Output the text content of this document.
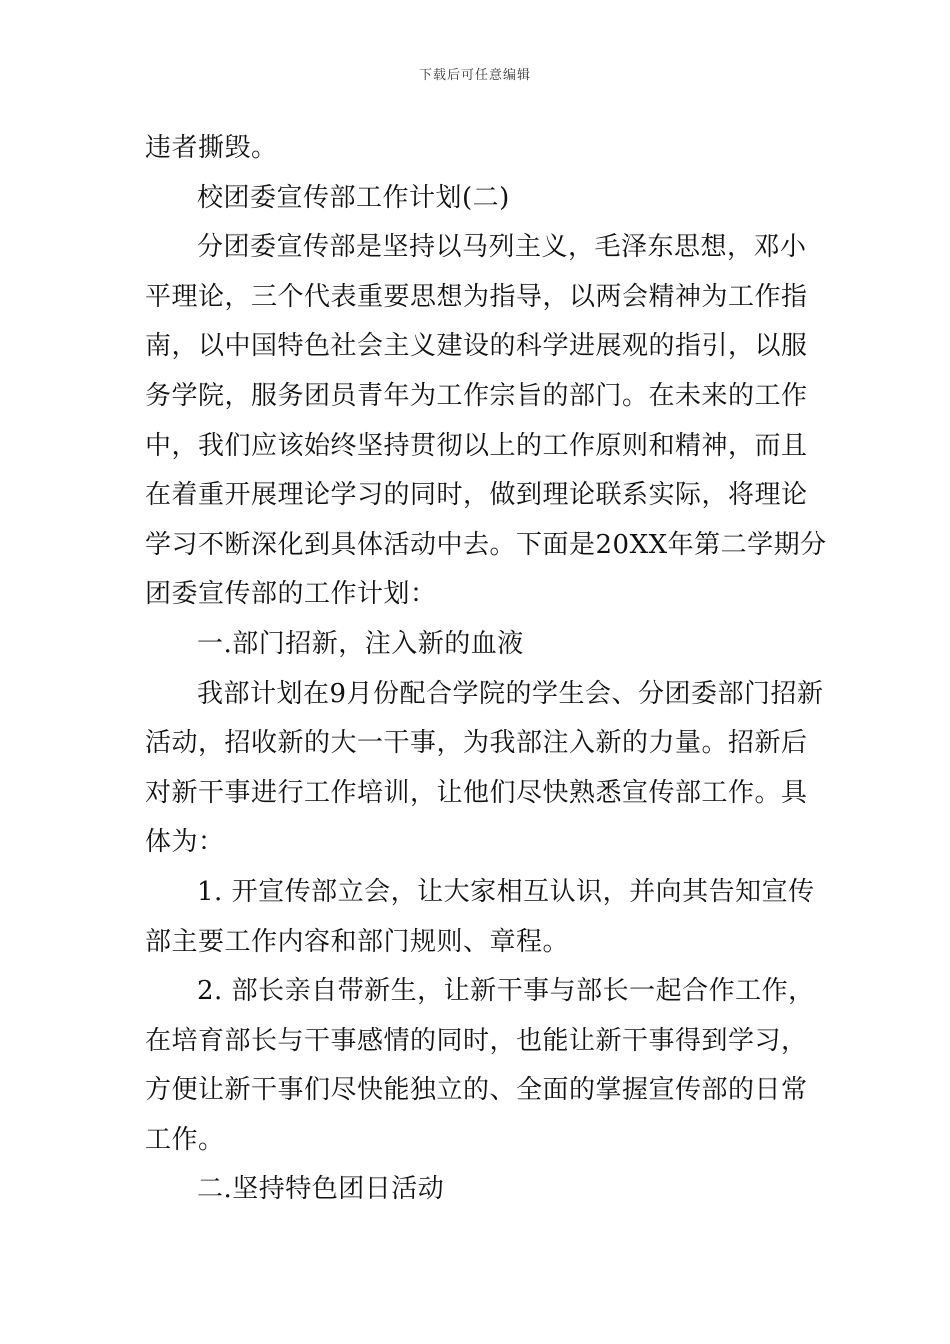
下载后可任意编辑
违者撕毁。
校团委宣传部工作计划(二)
分团委宣传部是坚持以马列主义，毛泽东思想，邓小
平理论，三个代表重要思想为指导，以两会精神为工作指
南，以中国特色社会主义建设的科学进展观的指引，以服
务学院，服务团员青年为工作宗旨的部门。在未来的工作
中，我们应该始终坚持贯彻以上的工作原则和精神，而且
在着重开展理论学习的同时，做到理论联系实际，将理论
学习不断深化到具体活动中去。下面是20XX年第二学期分
团委宣传部的工作计划：
一.部门招新，注入新的血液
我部计划在9月份配合学院的学生会、分团委部门招新
活动，招收新的大一干事，为我部注入新的力量。招新后
对新干事进行工作培训，让他们尽快熟悉宣传部工作。具
体为：
1. 开宣传部立会，让大家相互认识，并向其告知宣传
部主要工作内容和部门规则、章程。
2. 部长亲自带新生，让新干事与部长一起合作工作，
在培育部长与干事感情的同时，也能让新干事得到学习，
方便让新干事们尽快能独立的、全面的掌握宣传部的日常
工作。
二.坚持特色团日活动
